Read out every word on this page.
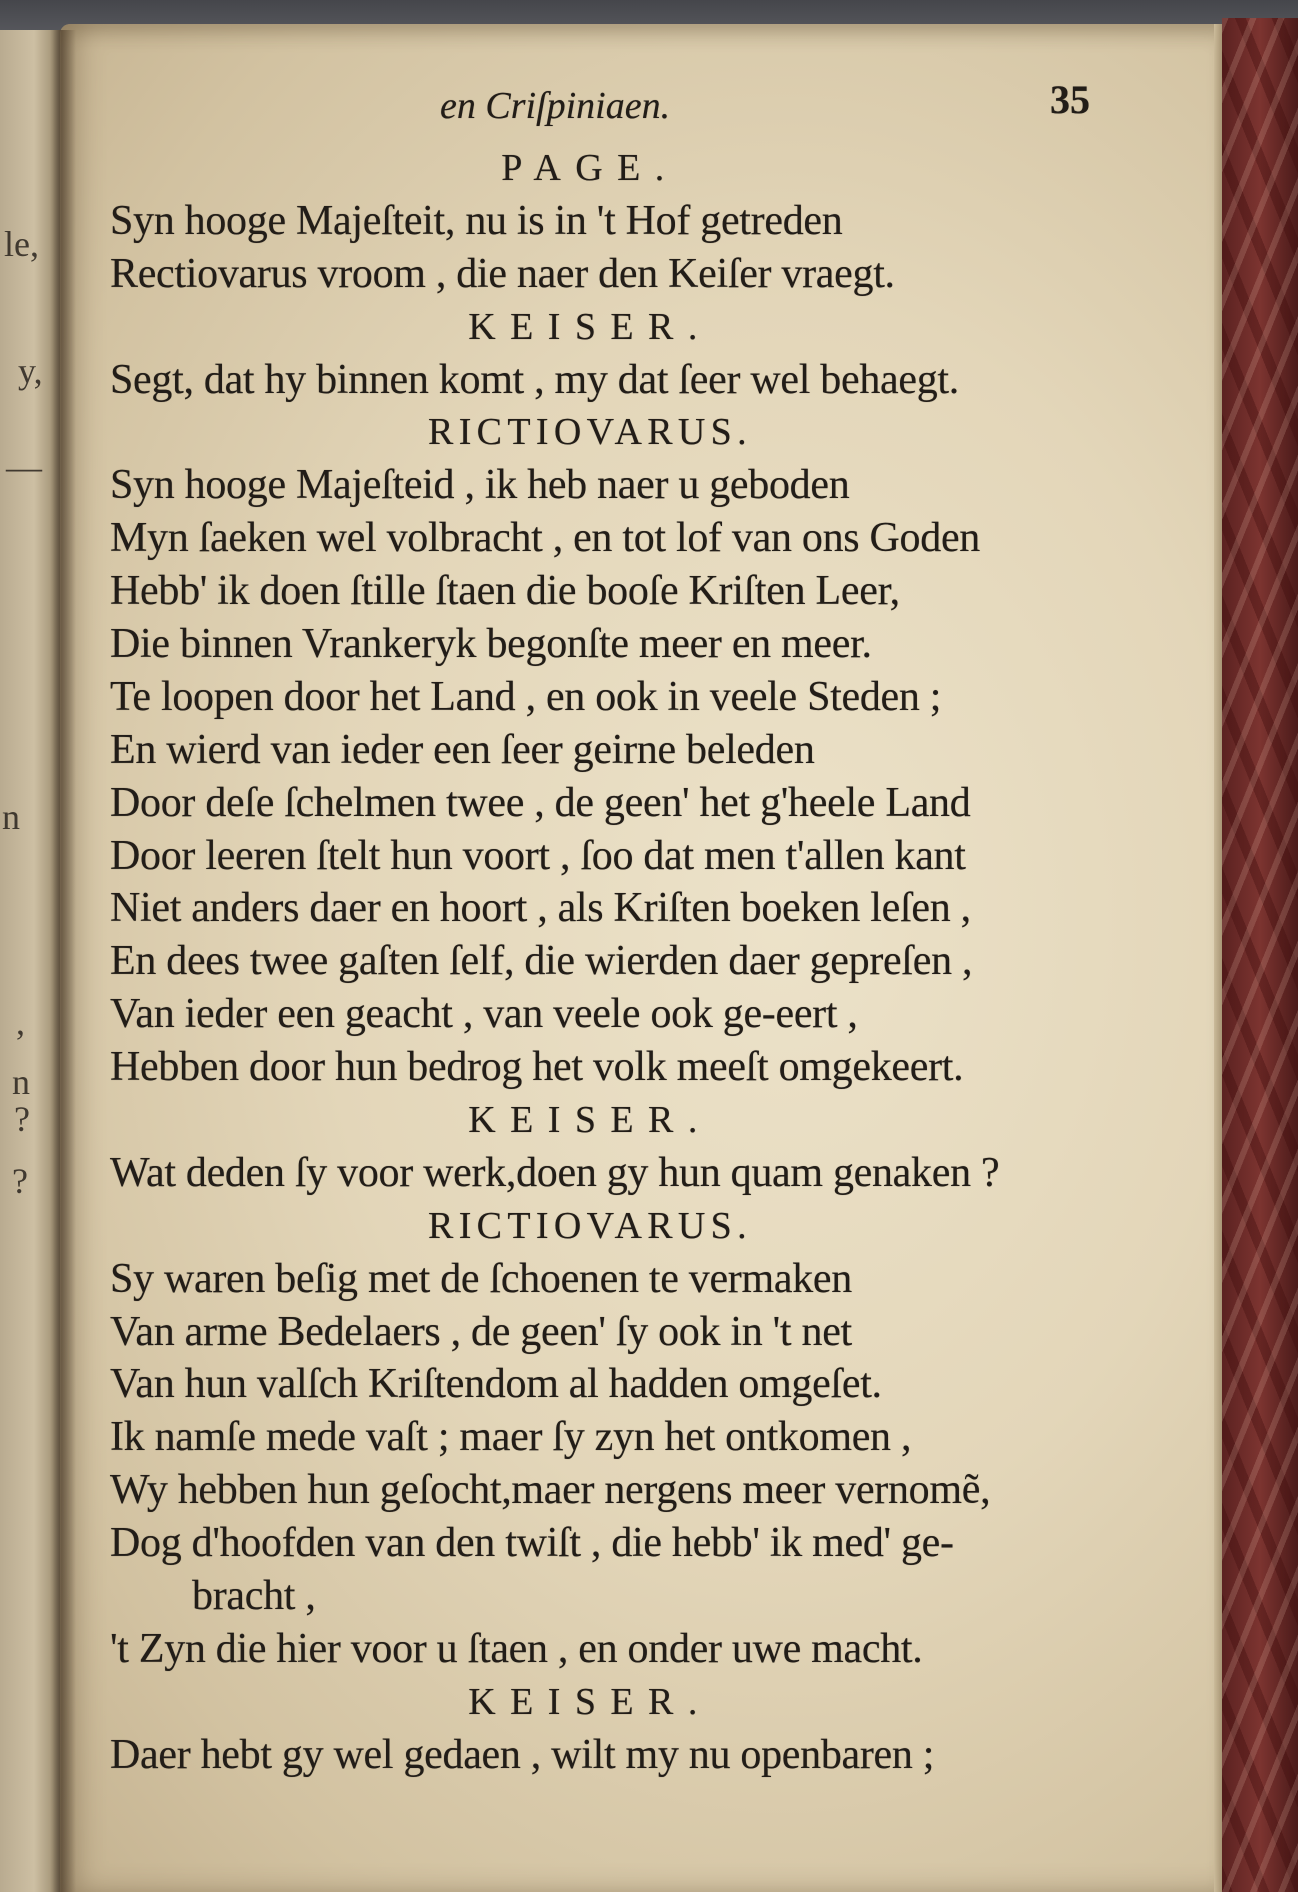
le,
y,
—
n
,
n
?
?
en Criſpiniaen.	35
PAGE.
Syn hooge Majeſteit, nu is in 't Hof getreden
Rectiovarus vroom , die naer den Keiſer vraegt.
KEISER.
Segt, dat hy binnen komt , my dat ſeer wel behaegt.
RICTIOVARUS.
Syn hooge Majeſteid , ik heb naer u geboden
Myn ſaeken wel volbracht , en tot lof van ons Goden
Hebb' ik doen ſtille ſtaen die booſe Kriſten Leer,
Die binnen Vrankeryk begonſte meer en meer.
Te loopen door het Land , en ook in veele Steden ;
En wierd van ieder een ſeer geirne beleden
Door deſe ſchelmen twee , de geen' het g'heele Land
Door leeren ſtelt hun voort , ſoo dat men t'allen kant
Niet anders daer en hoort , als Kriſten boeken leſen ,
En dees twee gaſten ſelf, die wierden daer gepreſen ,
Van ieder een geacht , van veele ook ge-eert ,
Hebben door hun bedrog het volk meeſt omgekeert.
KEISER.
Wat deden ſy voor werk,doen gy hun quam genaken ?
RICTIOVARUS.
Sy waren beſig met de ſchoenen te vermaken
Van arme Bedelaers , de geen' ſy ook in 't net
Van hun valſch Kriſtendom al hadden omgeſet.
Ik namſe mede vaſt ; maer ſy zyn het ontkomen ,
Wy hebben hun geſocht,maer nergens meer vernomẽ,
Dog d'hoofden van den twiſt , die hebb' ik med' ge-
bracht ,
't Zyn die hier voor u ſtaen , en onder uwe macht.
KEISER.
Daer hebt gy wel gedaen , wilt my nu openbaren ;
